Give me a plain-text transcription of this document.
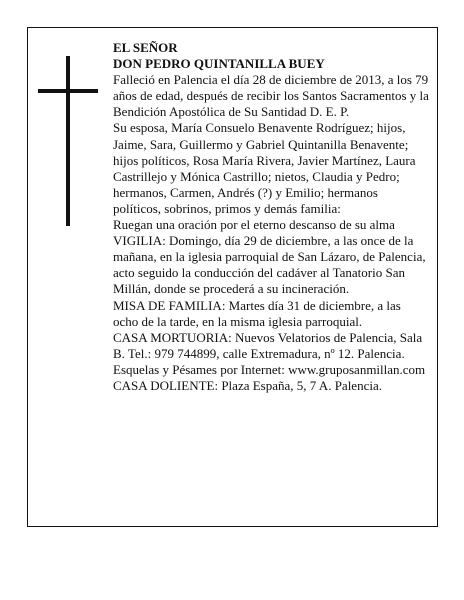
EL SEÑOR

DON PEDRO QUINTANILLA BUEY

Falleció en Palencia el día 28 de diciembre de 2013, a los 79 años de edad, después de recibir los Santos Sacramentos y la Bendición Apostólica de Su Santidad D. E. P.

Su esposa, María Consuelo Benavente Rodríguez; hijos, Jaime, Sara, Guillermo y Gabriel Quintanilla Benavente; hijos políticos, Rosa María Rivera, Javier Martínez, Laura Castrillejo y Mónica Castrillo; nietos, Claudia y Pedro; hermanos, Carmen, Andrés (?) y Emilio; hermanos políticos, sobrinos, primos y demás familia:

Ruegan una oración por el eterno descanso de su alma

VIGILIA: Domingo, día 29 de diciembre, a las once de la mañana, en la iglesia parroquial de San Lázaro, de Palencia, acto seguido la conducción del cadáver al Tanatorio San Millán, donde se procederá a su incineración.

MISA DE FAMILIA: Martes día 31 de diciembre, a las ocho de la tarde, en la misma iglesia parroquial.

CASA MORTUORIA: Nuevos Velatorios de Palencia, Sala B. Tel.: 979 744899, calle Extremadura, nº 12. Palencia. Esquelas y Pésames por Internet: www.gruposanmillan.com

CASA DOLIENTE: Plaza España, 5, 7 A. Palencia.
